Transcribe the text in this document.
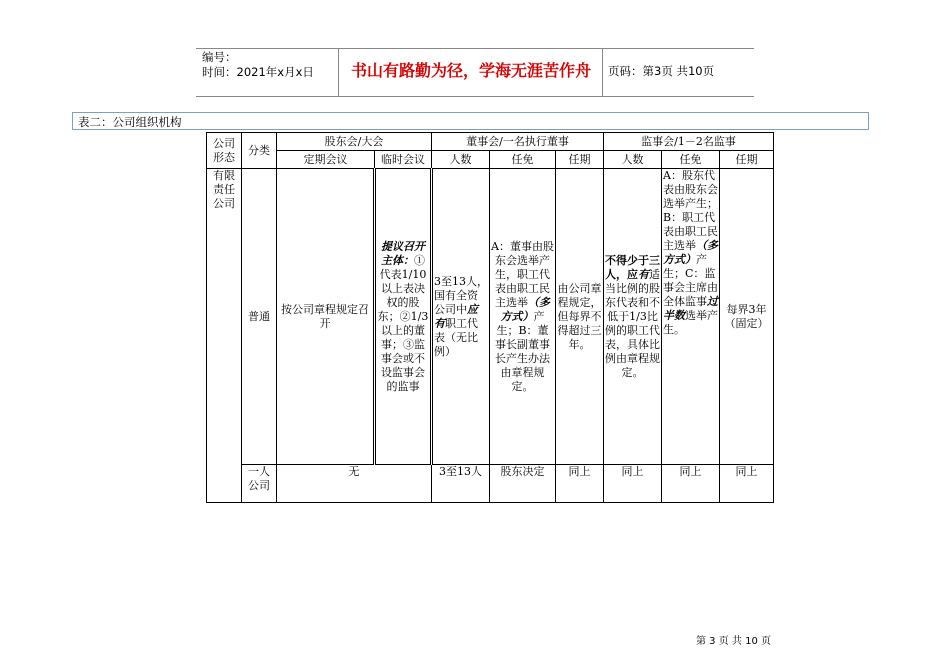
编号：
时间：2021年x月x日	书山有路勤为径，学海无涯苦作舟	页码：第3页 共10页
表二：公司组织机构
公司形态	分类	股东会/大会		董事会/一名执行董事			监事会/1－2名监事		
		定期会议	临时会议	人数	任免	任期	人数	任免	任期
有限责任公司	普通	按公司章程规定召开	提议召开主体：①代表1/10以上表决权的股东；②1/3以上的董事；③监事会或不设监事会的监事	3至13人，国有全资公司中应有职工代表（无比例）	A：董事由股东会选举产生，职工代表由职工民主选举（多方式）产生；B：董事长副董事长产生办法由章程规定。	由公司章程规定，但每界不得超过三年。	不得少于三人，应有适当比例的股东代表和不低于1/3比例的职工代表，具体比例由章程规定。	A：股东代表由股东会选举产生；B：职工代表由职工民主选举（多方式）产生；C：监事会主席由全体监事过半数选举产生。	每界3年（固定）
	一人公司	无		3至13人	股东决定	同上	同上	同上	同上
第 3 页 共 10 页
